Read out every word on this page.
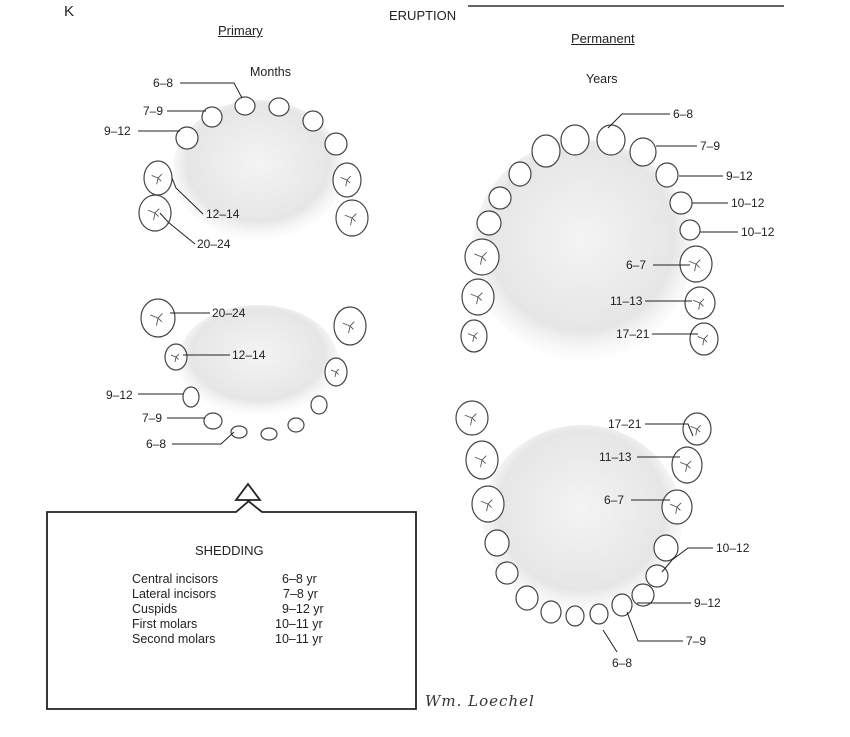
K	ERUPTION
Primary
Months
Permanent
Years
6–8
7–9
9–12
12–14
20–24
20–24
12–14
9–12
7–9
6–8
6–8
7–9
9–12
10–12
10–12
6–7
11–13
17–21
17–21
11–13
6–7
10–12
9–12
7–9
6–8
SHEDDING
Central incisors	6–8 yr
Lateral incisors	7–8 yr
Cuspids	9–12 yr
First molars	10–11 yr
Second molars	10–11 yr
Wm. Loechel
